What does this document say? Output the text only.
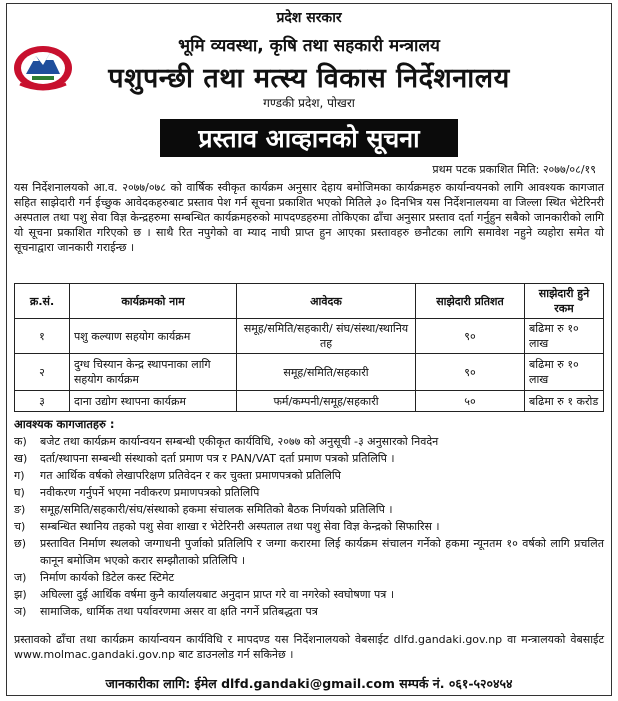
प्रदेश सरकार
भूमि व्यवस्था, कृषि तथा सहकारी मन्त्रालय
पशुपन्छी तथा मत्स्य विकास निर्देशनालय
गण्डकी प्रदेश, पोखरा
प्रस्ताव आव्हानको सूचना
प्रथम पटक प्रकाशित मिति: २०७७/०८/१९
यस निर्देशनालयको आ.व. २०७७/०७८ को वार्षिक स्वीकृत कार्यक्रम अनुसार देहाय बमोजिमका कार्यक्रमहरु कार्यान्वयनको लागि आवश्यक कागजात सहित साझेदारी गर्न ईच्छुक आवेदकहरुबाट प्रस्ताव पेश गर्न सूचना प्रकाशित भएको मितिले ३० दिनभित्र यस निर्देशनालयमा वा जिल्ला स्थित भेटेरिनरी अस्पताल तथा पशु सेवा विज्ञ केन्द्रहरुमा सम्बन्धित कार्यक्रमहरुको मापदण्डहरुमा तोकिएका ढाँचा अनुसार प्रस्ताव दर्ता गर्नुहुन सबैको जानकारीको लागि यो सूचना प्रकाशित गरिएको छ । साथै रित नपुगेको वा म्याद नाघी प्राप्त हुन आएका प्रस्तावहरु छनौटका लागि समावेश नहुने व्यहोरा समेत यो सूचनाद्वारा जानकारी गराईन्छ ।
क्र.सं.	कार्यक्रमको नाम	आवेदक	साझेदारी प्रतिशत	साझेदारी हुने रकम
१	पशु कल्याण सहयोग कार्यक्रम	समूह/समिति/सहकारी/ संघ/संस्था/स्थानिय तह	९०	बढिमा रु १० लाख
२	दुग्ध चिस्यान केन्द्र स्थापनाका लागि सहयोग कार्यक्रम	समूह/समिति/सहकारी	९०	बढिमा रु १० लाख
३	दाना उद्योग स्थापना कार्यक्रम	फर्म/कम्पनी/समूह/सहकारी	५०	बढिमा रु १ करोड
आवश्यक कागजातहरु :
क)	बजेट तथा कार्यक्रम कार्यान्वयन सम्बन्धी एकीकृत कार्यविधि, २०७७ को अनुसूची -३ अनुसारको निवदेन
ख)	दर्ता/स्थापना सम्बन्धी संस्थाको दर्ता प्रमाण पत्र र PAN/VAT दर्ता प्रमाण पत्रको प्रतिलिपि ।
ग)	गत आर्थिक वर्षको लेखापरिक्षण प्रतिवेदन र कर चुक्ता प्रमाणपत्रको प्रतिलिपि
घ)	नवीकरण गर्नुपर्ने भएमा नवीकरण प्रमाणपत्रको प्रतिलिपि
ङ)	समूह/समिति/सहकारी/संघ/संस्थाको हकमा संचालक समितिको बैठक निर्णयको प्रतिलिपि ।
च)	सम्बन्धित स्थानिय तहको पशु सेवा शाखा र भेटेरिनरी अस्पताल तथा पशु सेवा विज्ञ केन्द्रको सिफारिस ।
छ)	प्रस्तावित निर्माण स्थलको जग्गाधनी पुर्जाको प्रतिलिपि र जग्गा करारमा लिई कार्यक्रम संचालन गर्नेको हकमा न्यूनतम १० वर्षको लागि प्रचलित कानून बमोजिम भएको करार सम्झौताको प्रतिलिपि ।
ज)	निर्माण कार्यको डिटेल कस्ट स्टिमेट
झ)	अघिल्ला दुई आर्थिक वर्षमा कुनै कार्यालयबाट अनुदान प्राप्त गरे वा नगरेको स्वघोषणा पत्र ।
ञ)	सामाजिक, धार्मिक तथा पर्यावरणमा असर वा क्षति नगर्ने प्रतिबद्धता पत्र
प्रस्तावको ढाँचा तथा कार्यक्रम कार्यान्वयन कार्यविधि र मापदण्ड यस निर्देशनालयको वेबसाईट dlfd.gandaki.gov.np वा मन्त्रालयको वेबसाईट www.molmac.gandaki.gov.np बाट डाउनलोड गर्न सकिनेछ ।
जानकारीका लागि: ईमेल dlfd.gandaki@gmail.com सम्पर्क नं. ०६१-५२०४५४
